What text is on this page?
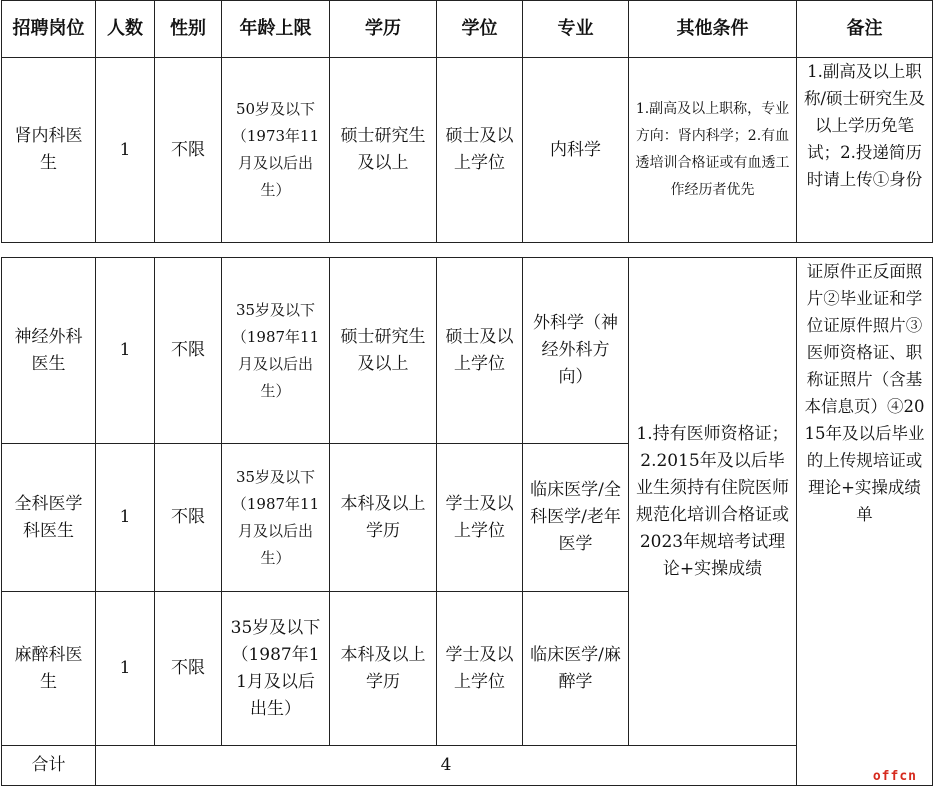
招聘岗位	人数	性别	年龄上限	学历	学位	专业	其他条件	备注
肾内科医生	1	不限	50岁及以下（1973年11月及以后出生）	硕士研究生及以上	硕士及以上学位	内科学	1.副高及以上职称，专业方向：肾内科学；2.有血透培训合格证或有血透工作经历者优先	1.副高及以上职称/硕士研究生及以上学历免笔试；2.投递简历时请上传①身份
神经外科医生	1	不限	35岁及以下（1987年11月及以后出生）	硕士研究生及以上	硕士及以上学位	外科学（神经外科方向）	1.持有医师资格证；2.2015年及以后毕业生须持有住院医师规范化培训合格证或2023年规培考试理论+实操成绩	证原件正反面照片②毕业证和学位证原件照片③医师资格证、职称证照片（含基本信息页）④2015年及以后毕业的上传规培证或理论+实操成绩单
全科医学科医生	1	不限	35岁及以下（1987年11月及以后出生）	本科及以上学历	学士及以上学位	临床医学/全科医学/老年医学		
麻醉科医生	1	不限	35岁及以下（1987年11月及以后出生）	本科及以上学历	学士及以上学位	临床医学/麻醉学		
合计	4							
offcn
